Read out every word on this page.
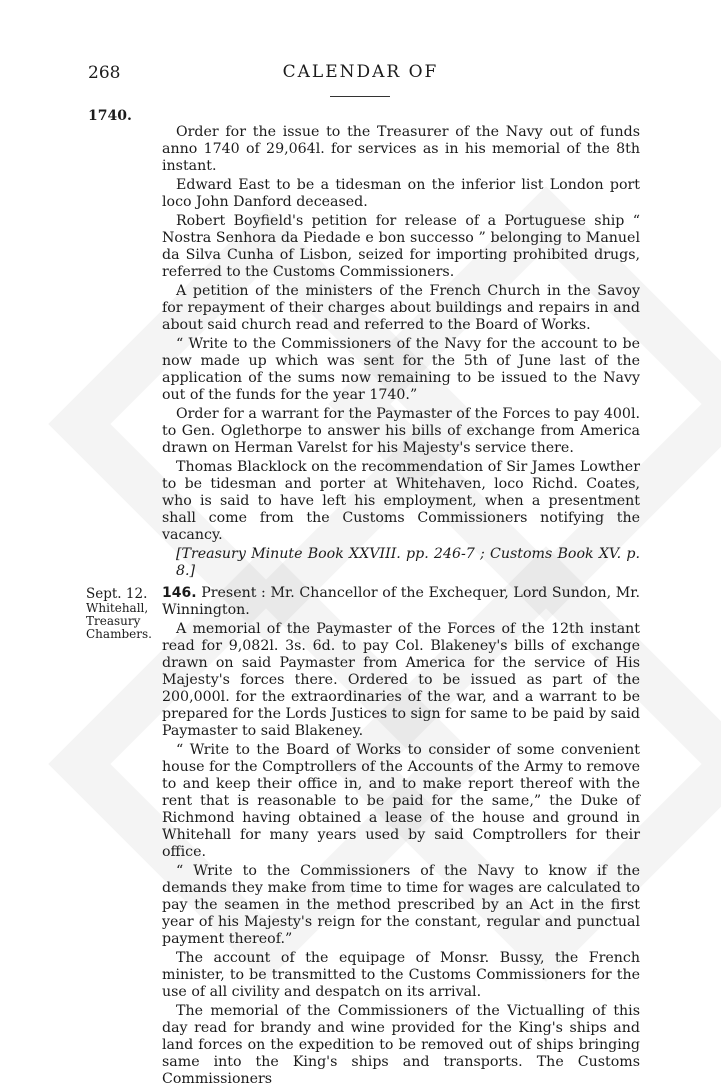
268	CALENDAR OF
1740.

Order for the issue to the Treasurer of the Navy out of funds anno 1740 of 29,064l. for services as in his memorial of the 8th instant.

Edward East to be a tidesman on the inferior list London port loco John Danford deceased.

Robert Boyfield's petition for release of a Portuguese ship “ Nostra Senhora da Piedade e bon successo ” belonging to Manuel da Silva Cunha of Lisbon, seized for importing prohibited drugs, referred to the Customs Commissioners.

A petition of the ministers of the French Church in the Savoy for repayment of their charges about buildings and repairs in and about said church read and referred to the Board of Works.

“ Write to the Commissioners of the Navy for the account to be now made up which was sent for the 5th of June last of the application of the sums now remaining to be issued to the Navy out of the funds for the year 1740.”

Order for a warrant for the Paymaster of the Forces to pay 400l. to Gen. Oglethorpe to answer his bills of exchange from America drawn on Herman Varelst for his Majesty's service there.

Thomas Blacklock on the recommendation of Sir James Lowther to be tidesman and porter at Whitehaven, loco Richd. Coates, who is said to have left his employment, when a presentment shall come from the Customs Commissioners notifying the vacancy.

[Treasury Minute Book XXVIII. pp. 246-7 ; Customs Book XV. p. 8.]

Sept. 12.
Whitehall,
Treasury
Chambers.

146. Present : Mr. Chancellor of the Exchequer, Lord Sundon, Mr. Winnington.

A memorial of the Paymaster of the Forces of the 12th instant read for 9,082l. 3s. 6d. to pay Col. Blakeney's bills of exchange drawn on said Paymaster from America for the service of His Majesty's forces there. Ordered to be issued as part of the 200,000l. for the extraordinaries of the war, and a warrant to be prepared for the Lords Justices to sign for same to be paid by said Paymaster to said Blakeney.

“ Write to the Board of Works to consider of some convenient house for the Comptrollers of the Accounts of the Army to remove to and keep their office in, and to make report thereof with the rent that is reasonable to be paid for the same,” the Duke of Richmond having obtained a lease of the house and ground in Whitehall for many years used by said Comptrollers for their office.

“ Write to the Commissioners of the Navy to know if the demands they make from time to time for wages are calculated to pay the seamen in the method prescribed by an Act in the first year of his Majesty's reign for the constant, regular and punctual payment thereof.”

The account of the equipage of Monsr. Bussy, the French minister, to be transmitted to the Customs Commissioners for the use of all civility and despatch on its arrival.

The memorial of the Commissioners of the Victualling of this day read for brandy and wine provided for the King's ships and land forces on the expedition to be removed out of ships bringing same into the King's ships and transports. The Customs Commissioners
